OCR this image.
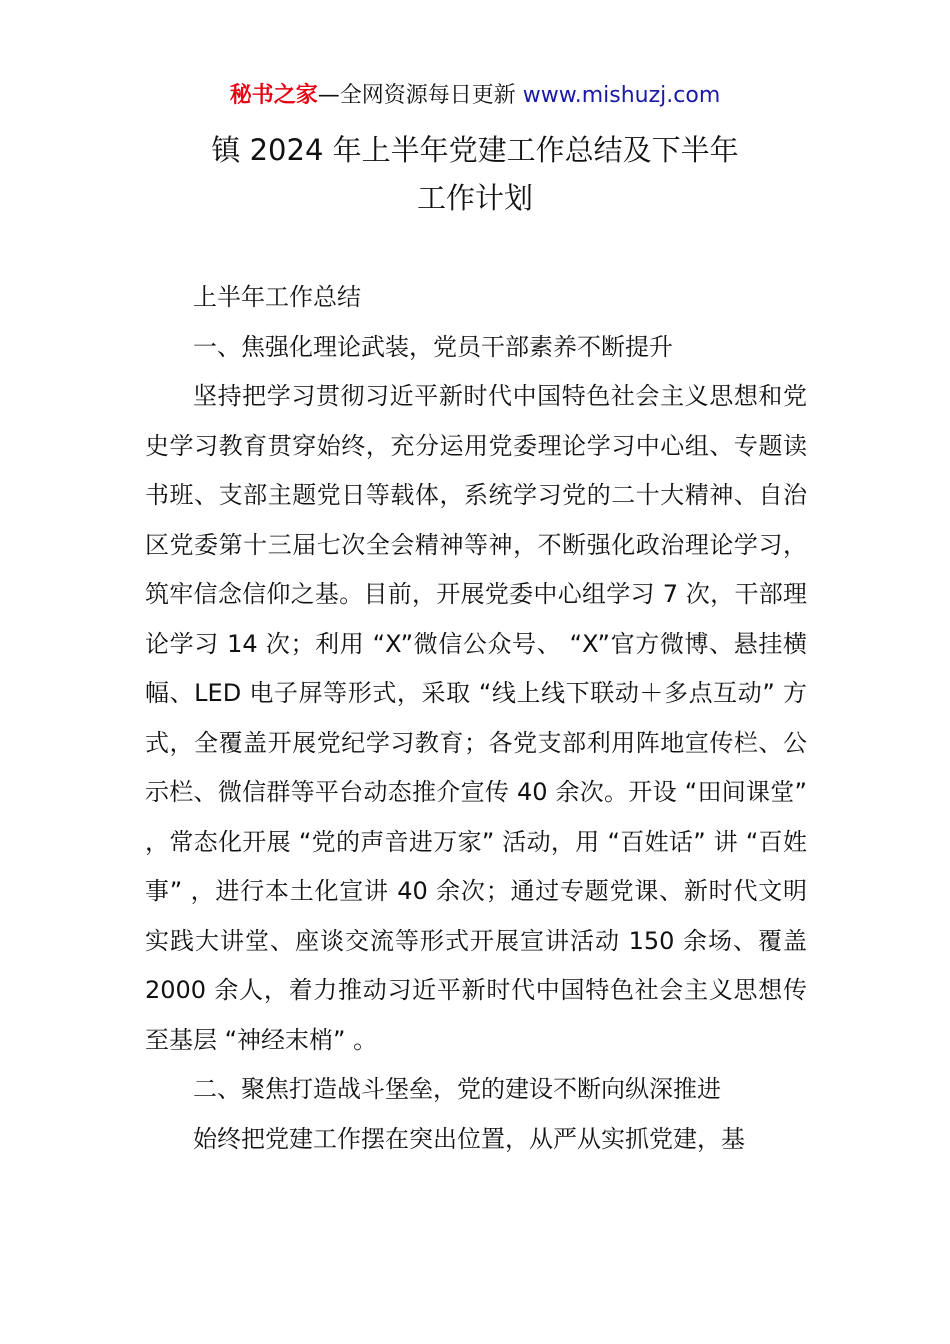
秘书之家—全网资源每日更新 www.mishuzj.com
镇 2024 年上半年党建工作总结及下半年
工作计划

上半年工作总结

一、焦强化理论武装，党员干部素养不断提升

坚持把学习贯彻习近平新时代中国特色社会主义思想和党史学习教育贯穿始终，充分运用党委理论学习中心组、专题读书班、支部主题党日等载体，系统学习党的二十大精神、自治区党委第十三届七次全会精神等神，不断强化政治理论学习，筑牢信念信仰之基。目前，开展党委中心组学习 7 次，干部理论学习 14 次；利用 “X”微信公众号、 “X”官方微博、悬挂横幅、LED 电子屏等形式，采取 “线上线下联动＋多点互动” 方式，全覆盖开展党纪学习教育；各党支部利用阵地宣传栏、公示栏、微信群等平台动态推介宣传 40 余次。开设 “田间课堂” ，常态化开展 “党的声音进万家” 活动，用 “百姓话” 讲 “百姓事” ，进行本土化宣讲 40 余次；通过专题党课、新时代文明实践大讲堂、座谈交流等形式开展宣讲活动 150 余场、覆盖 2000 余人，着力推动习近平新时代中国特色社会主义思想传至基层 “神经末梢” 。

二、聚焦打造战斗堡垒，党的建设不断向纵深推进

始终把党建工作摆在突出位置，从严从实抓党建，基
